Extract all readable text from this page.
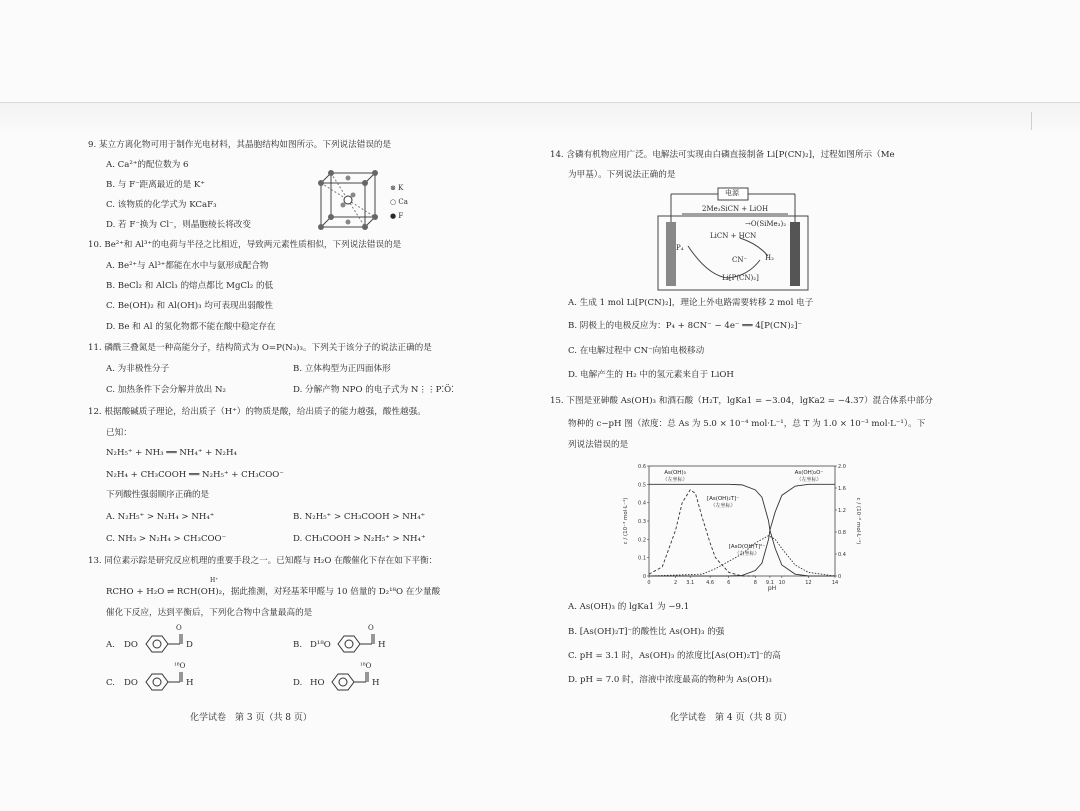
9. 某立方离化物可用于制作光电材料，其晶胞结构如图所示。下列说法错误的是
A. Ca²⁺的配位数为 6
B. 与 F⁻距离最近的是 K⁺
C. 该物质的化学式为 KCaF₃
D. 若 F⁻换为 Cl⁻，则晶胞棱长将改变
⊗ K
○ Ca
● F
10. Be²⁺和 Al³⁺的电荷与半径之比相近，导致两元素性质相似，下列说法错误的是
A. Be²⁺与 Al³⁺都能在水中与氨形成配合物
B. BeCl₂ 和 AlCl₃ 的熔点都比 MgCl₂ 的低
C. Be(OH)₂ 和 Al(OH)₃ 均可表现出弱酸性
D. Be 和 Al 的氢化物都不能在酸中稳定存在
11. 磷酰三叠氮是一种高能分子，结构简式为 O=P(N₃)₃。下列关于该分子的说法正确的是
A. 为非极性分子	B. 立体构型为正四面体形
C. 加热条件下会分解并放出 N₂	D. 分解产物 NPO 的电子式为 N⋮⋮P⁚Ö⁚
12. 根据酸碱质子理论，给出质子（H⁺）的物质是酸，给出质子的能力越强，酸性越强。
已知：
N₂H₅⁺ + NH₃ ══ NH₄⁺ + N₂H₄
N₂H₄ + CH₃COOH ══ N₂H₅⁺ + CH₃COO⁻
下列酸性强弱顺序正确的是
A. N₂H₅⁺ > N₂H₄ > NH₄⁺	B. N₂H₅⁺ > CH₃COOH > NH₄⁺
C. NH₃ > N₂H₄ > CH₃COO⁻	D. CH₃COOH > N₂H₅⁺ > NH₄⁺
13. 同位素示踪是研究反应机理的重要手段之一。已知醛与 H₂O 在酸催化下存在如下平衡：
H⁺
RCHO + H₂O ⇌ RCH(OH)₂，据此推测，对羟基苯甲醛与 10 倍量的 D₂¹⁸O 在少量酸
催化下反应，达到平衡后，下列化合物中含量最高的是
A. DO
O
D	B. D¹⁸O
O
H
C. DO
¹⁸O
H	D. HO
¹⁸O
H
化学试卷　第 3 页（共 8 页）
14. 含磷有机物应用广泛。电解法可实现由白磷直接制备 Li[P(CN)₂]，过程如图所示（Me
为甲基）。下列说法正确的是
电源
2Me₃SiCN + LiOH
→O(SiMe₃)₂
LiCN + HCN
P₄
CN⁻	H₂
Li[P(CN)₂]
A. 生成 1 mol Li[P(CN)₂]，理论上外电路需要转移 2 mol 电子
B. 阴极上的电极反应为：P₄ + 8CN⁻ − 4e⁻ ══ 4[P(CN)₂]⁻
C. 在电解过程中 CN⁻向铂电极移动
D. 电解产生的 H₂ 中的氢元素来自于 LiOH
15. 下图是亚砷酸 As(OH)₃ 和酒石酸（H₂T，lgKa1 = −3.04，lgKa2 = −4.37）混合体系中部分
物种的 c−pH 图（浓度：总 As 为 5.0 × 10⁻⁴ mol·L⁻¹，总 T 为 1.0 × 10⁻³ mol·L⁻¹）。下
列说法错误的是
0	2 3.1 4.6	6	8 9.1 10	12	14
pH
0
0.1
0.2
0.3
0.4
0.5
0.6
0
0.4
0.8
1.2
1.6
2.0
c / (10⁻³ mol·L⁻¹)	c / (10⁻⁶ mol·L⁻¹)
As(OH)₃
（左坐标）
As(OH)₂O⁻
（左坐标）
[As(OH)₂T]⁻
（左坐标）
[AsO(OH)T]²⁻
（右坐标）
A. As(OH)₃ 的 lgKa1 为 −9.1
B. [As(OH)₂T]⁻的酸性比 As(OH)₃ 的强
C. pH = 3.1 时，As(OH)₃ 的浓度比[As(OH)₂T]⁻的高
D. pH = 7.0 时，溶液中浓度最高的物种为 As(OH)₃
化学试卷　第 4 页（共 8 页）
